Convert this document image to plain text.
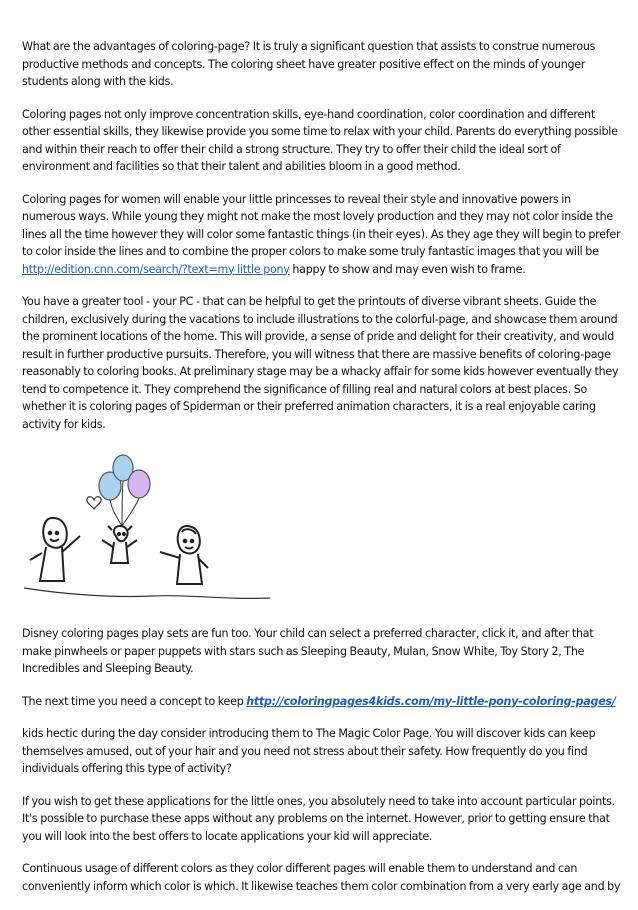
What are the advantages of coloring-page? It is truly a significant question that assists to construe numerous productive methods and concepts. The coloring sheet have greater positive effect on the minds of younger students along with the kids.

Coloring pages not only improve concentration skills, eye-hand coordination, color coordination and different other essential skills, they likewise provide you some time to relax with your child. Parents do everything possible and within their reach to offer their child a strong structure. They try to offer their child the ideal sort of environment and facilities so that their talent and abilities bloom in a good method.

Coloring pages for women will enable your little princesses to reveal their style and innovative powers in numerous ways. While young they might not make the most lovely production and they may not color inside the lines all the time however they will color some fantastic things (in their eyes). As they age they will begin to prefer to color inside the lines and to combine the proper colors to make some truly fantastic images that you will be http://edition.cnn.com/search/?text=my little pony happy to show and may even wish to frame.

You have a greater tool - your PC - that can be helpful to get the printouts of diverse vibrant sheets. Guide the children, exclusively during the vacations to include illustrations to the colorful-page, and showcase them around the prominent locations of the home. This will provide, a sense of pride and delight for their creativity, and would result in further productive pursuits. Therefore, you will witness that there are massive benefits of coloring-page reasonably to coloring books. At preliminary stage may be a whacky affair for some kids however eventually they tend to competence it. They comprehend the significance of filling real and natural colors at best places. So whether it is coloring pages of Spiderman or their preferred animation characters, it is a real enjoyable caring activity for kids.

Disney coloring pages play sets are fun too. Your child can select a preferred character, click it, and after that make pinwheels or paper puppets with stars such as Sleeping Beauty, Mulan, Snow White, Toy Story 2, The Incredibles and Sleeping Beauty.

The next time you need a concept to keep http://coloringpages4kids.com/my-little-pony-coloring-pages/

kids hectic during the day consider introducing them to The Magic Color Page. You will discover kids can keep themselves amused, out of your hair and you need not stress about their safety. How frequently do you find individuals offering this type of activity?

If you wish to get these applications for the little ones, you absolutely need to take into account particular points. It's possible to purchase these apps without any problems on the internet. However, prior to getting ensure that you will look into the best offers to locate applications your kid will appreciate.

Continuous usage of different colors as they color different pages will enable them to understand and can conveniently inform which color is which. It likewise teaches them color combination from a very early age and by
